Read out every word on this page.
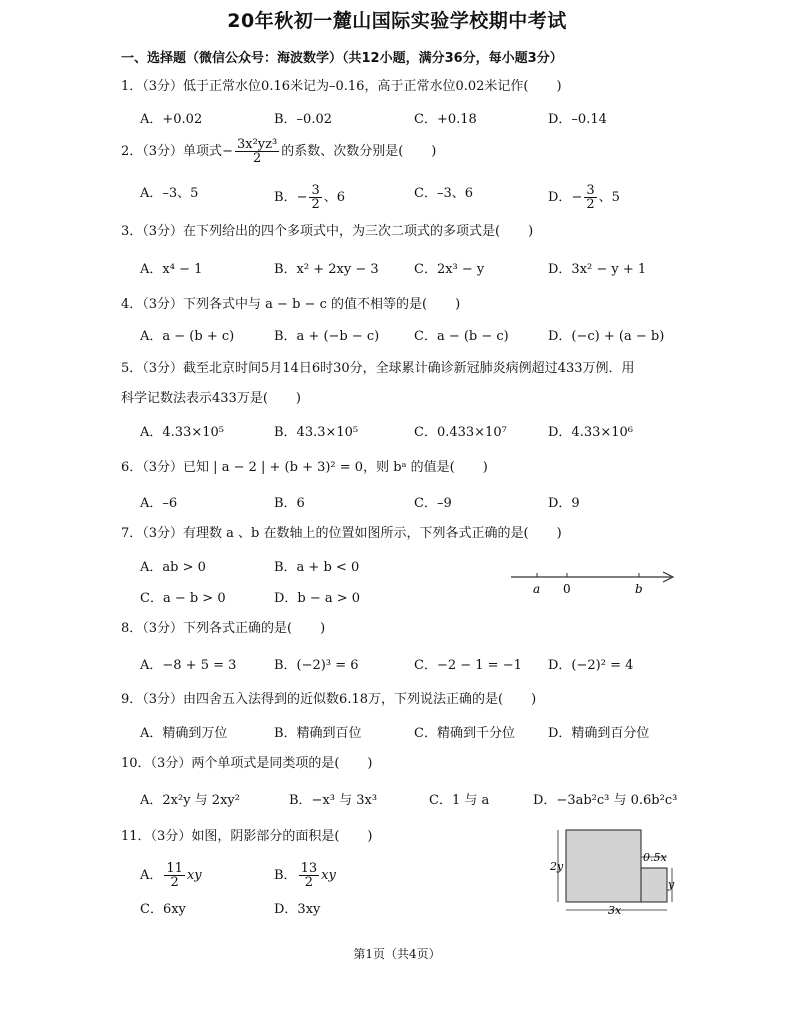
20年秋初一麓山国际实验学校期中考试
一、选择题（微信公众号：海波数学）（共12小题，满分36分，每小题3分）
1．（3分）低于正常水位0.16米记为–0.16，高于正常水位0.02米记作( )
A．+0.02	B．–0.02	C．+0.18	D．–0.14
2．（3分）单项式− $\frac{\text{3x²yz³}}{2}$ 的系数、次数分别是( )
A．–3、5	B．− $\frac{3}{2}$ 、6	C．–3、6	D．− $\frac{3}{2}$ 、5
3．（3分）在下列给出的四个多项式中，为三次二项式的多项式是( )
A．x⁴ − 1	B．x² + 2xy − 3	C．2x³ − y	D．3x² − y + 1
4．（3分）下列各式中与 a − b − c 的值不相等的是( )
A．a − (b + c)	B．a + (−b − c)	C．a − (b − c)	D．(−c) + (a − b)
5．（3分）截至北京时间5月14日6时30分，全球累计确诊新冠肺炎病例超过433万例．用
科学记数法表示433万是( )
A．4.33×10⁵	B．43.3×10⁵	C．0.433×10⁷	D．4.33×10⁶
6．（3分）已知 | a − 2 | + (b + 3)² = 0，则 bᵃ 的值是( )
A．–6	B．6	C．–9	D．9
7．（3分）有理数 a 、b 在数轴上的位置如图所示，下列各式正确的是( )
A．ab > 0	B．a + b < 0
C．a − b > 0	D．b − a > 0
a 0	b
8．（3分）下列各式正确的是( )
A．−8 + 5 = 3	B．(−2)³ = 6	C．−2 − 1 = −1 D．(−2)² = 4
9．（3分）由四舍五入法得到的近似数6.18万，下列说法正确的是( )
A．精确到万位	B．精确到百位	C．精确到千分位	D．精确到百分位
10．（3分）两个单项式是同类项的是( )
A．2x²y 与 2xy²	B．−x³ 与 3x³	C．1 与 a	D．−3ab²c³ 与 0.6b²c³
11．（3分）如图，阴影部分的面积是( )
A． $\frac{11}{2}$ xy	B． $\frac{13}{2}$ xy
C．6xy	D．3xy
2y
0.5x
y
3x
第1页（共4页）
